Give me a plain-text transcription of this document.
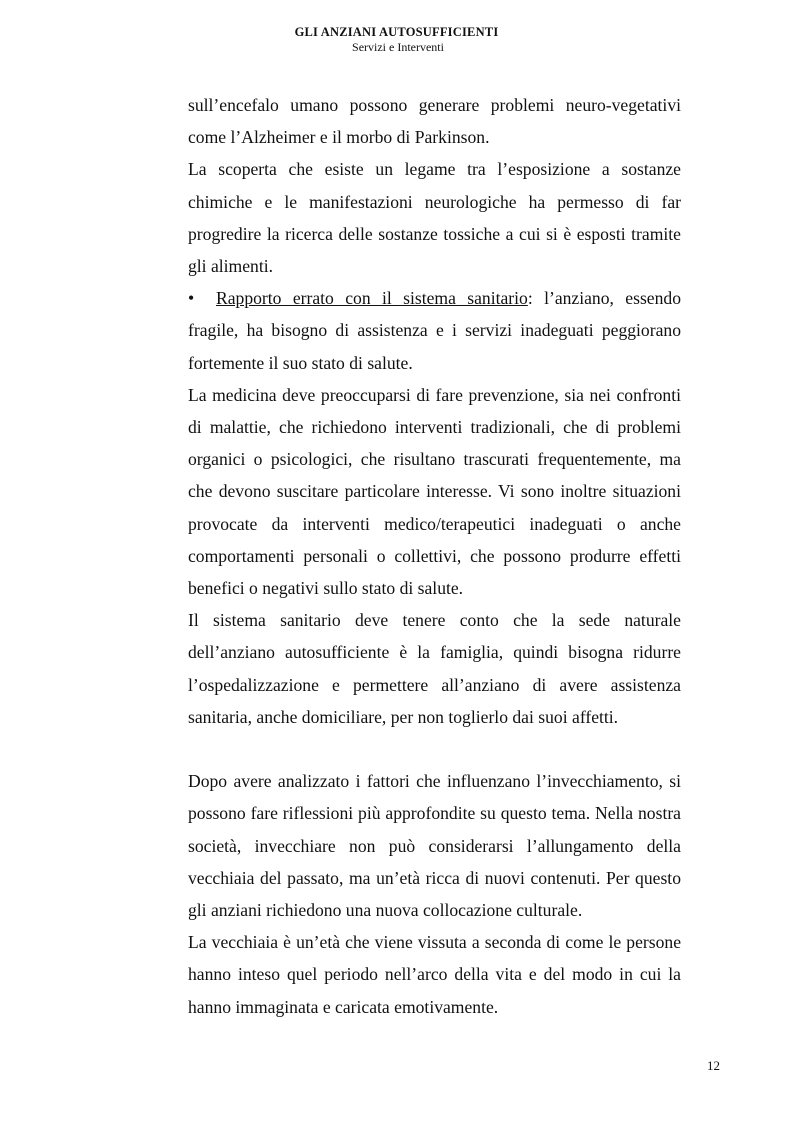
GLI ANZIANI AUTOSUFFICIENTI
Servizi e Interventi

sull’encefalo umano possono generare problemi neuro-vegetativi come l’Alzheimer e il morbo di Parkinson.

La scoperta che esiste un legame tra l’esposizione a sostanze chimiche e le manifestazioni neurologiche ha permesso di far progredire la ricerca delle sostanze tossiche a cui si è esposti tramite gli alimenti.

• Rapporto errato con il sistema sanitario: l’anziano, essendo fragile, ha bisogno di assistenza e i servizi inadeguati peggiorano fortemente il suo stato di salute.

La medicina deve preoccuparsi di fare prevenzione, sia nei confronti di malattie, che richiedono interventi tradizionali, che di problemi organici o psicologici, che risultano trascurati frequentemente, ma che devono suscitare particolare interesse. Vi sono inoltre situazioni provocate da interventi medico/terapeutici inadeguati o anche comportamenti personali o collettivi, che possono produrre effetti benefici o negativi sullo stato di salute.

Il sistema sanitario deve tenere conto che la sede naturale dell’anziano autosufficiente è la famiglia, quindi bisogna ridurre l’ospedalizzazione e permettere all’anziano di avere assistenza sanitaria, anche domiciliare, per non toglierlo dai suoi affetti.

Dopo avere analizzato i fattori che influenzano l’invecchiamento, si possono fare riflessioni più approfondite su questo tema. Nella nostra società, invecchiare non può considerarsi l’allungamento della vecchiaia del passato, ma un’età ricca di nuovi contenuti. Per questo gli anziani richiedono una nuova collocazione culturale.

La vecchiaia è un’età che viene vissuta a seconda di come le persone hanno inteso quel periodo nell’arco della vita e del modo in cui la hanno immaginata e caricata emotivamente.

12
